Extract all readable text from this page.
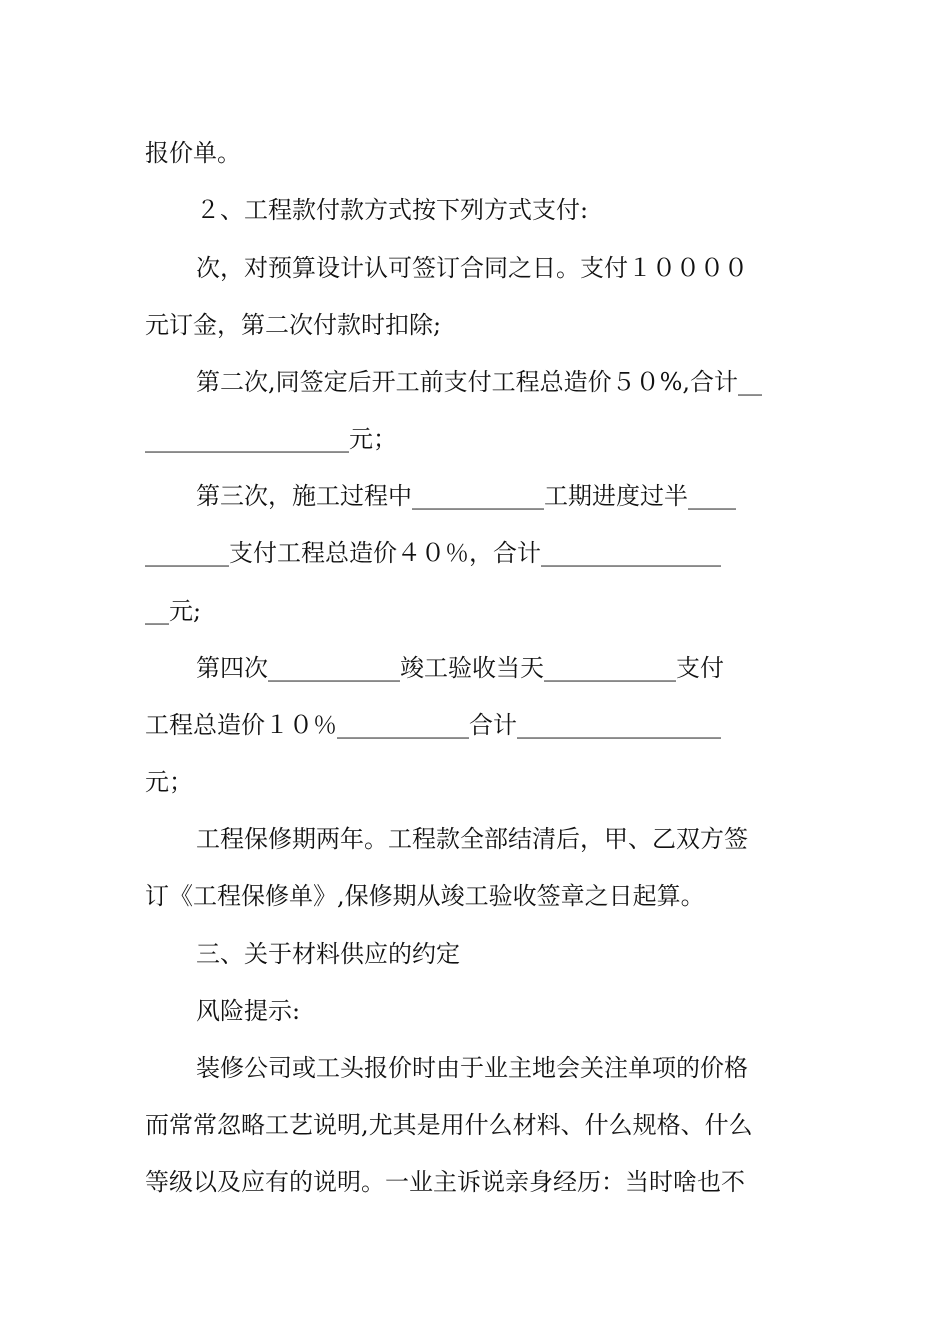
报价单。
２、工程款付款方式按下列方式支付:
次，对预算设计认可签订合同之日。支付１００００
元订金，第二次付款时扣除;
第二次,同签定后开工前支付工程总造价５０%,合计__
_________________元；
第三次，施工过程中___________工期进度过半____
_______支付工程总造价４０％，合计_______________
__元;
第四次___________竣工验收当天___________支付
工程总造价１０％___________合计_________________
元；
工程保修期两年。工程款全部结清后，甲、乙双方签
订《工程保修单》,保修期从竣工验收签章之日起算。
三、关于材料供应的约定
风险提示:
装修公司或工头报价时由于业主地会关注单项的价格
而常常忽略工艺说明,尤其是用什么材料、什么规格、什么
等级以及应有的说明。一业主诉说亲身经历：当时啥也不
